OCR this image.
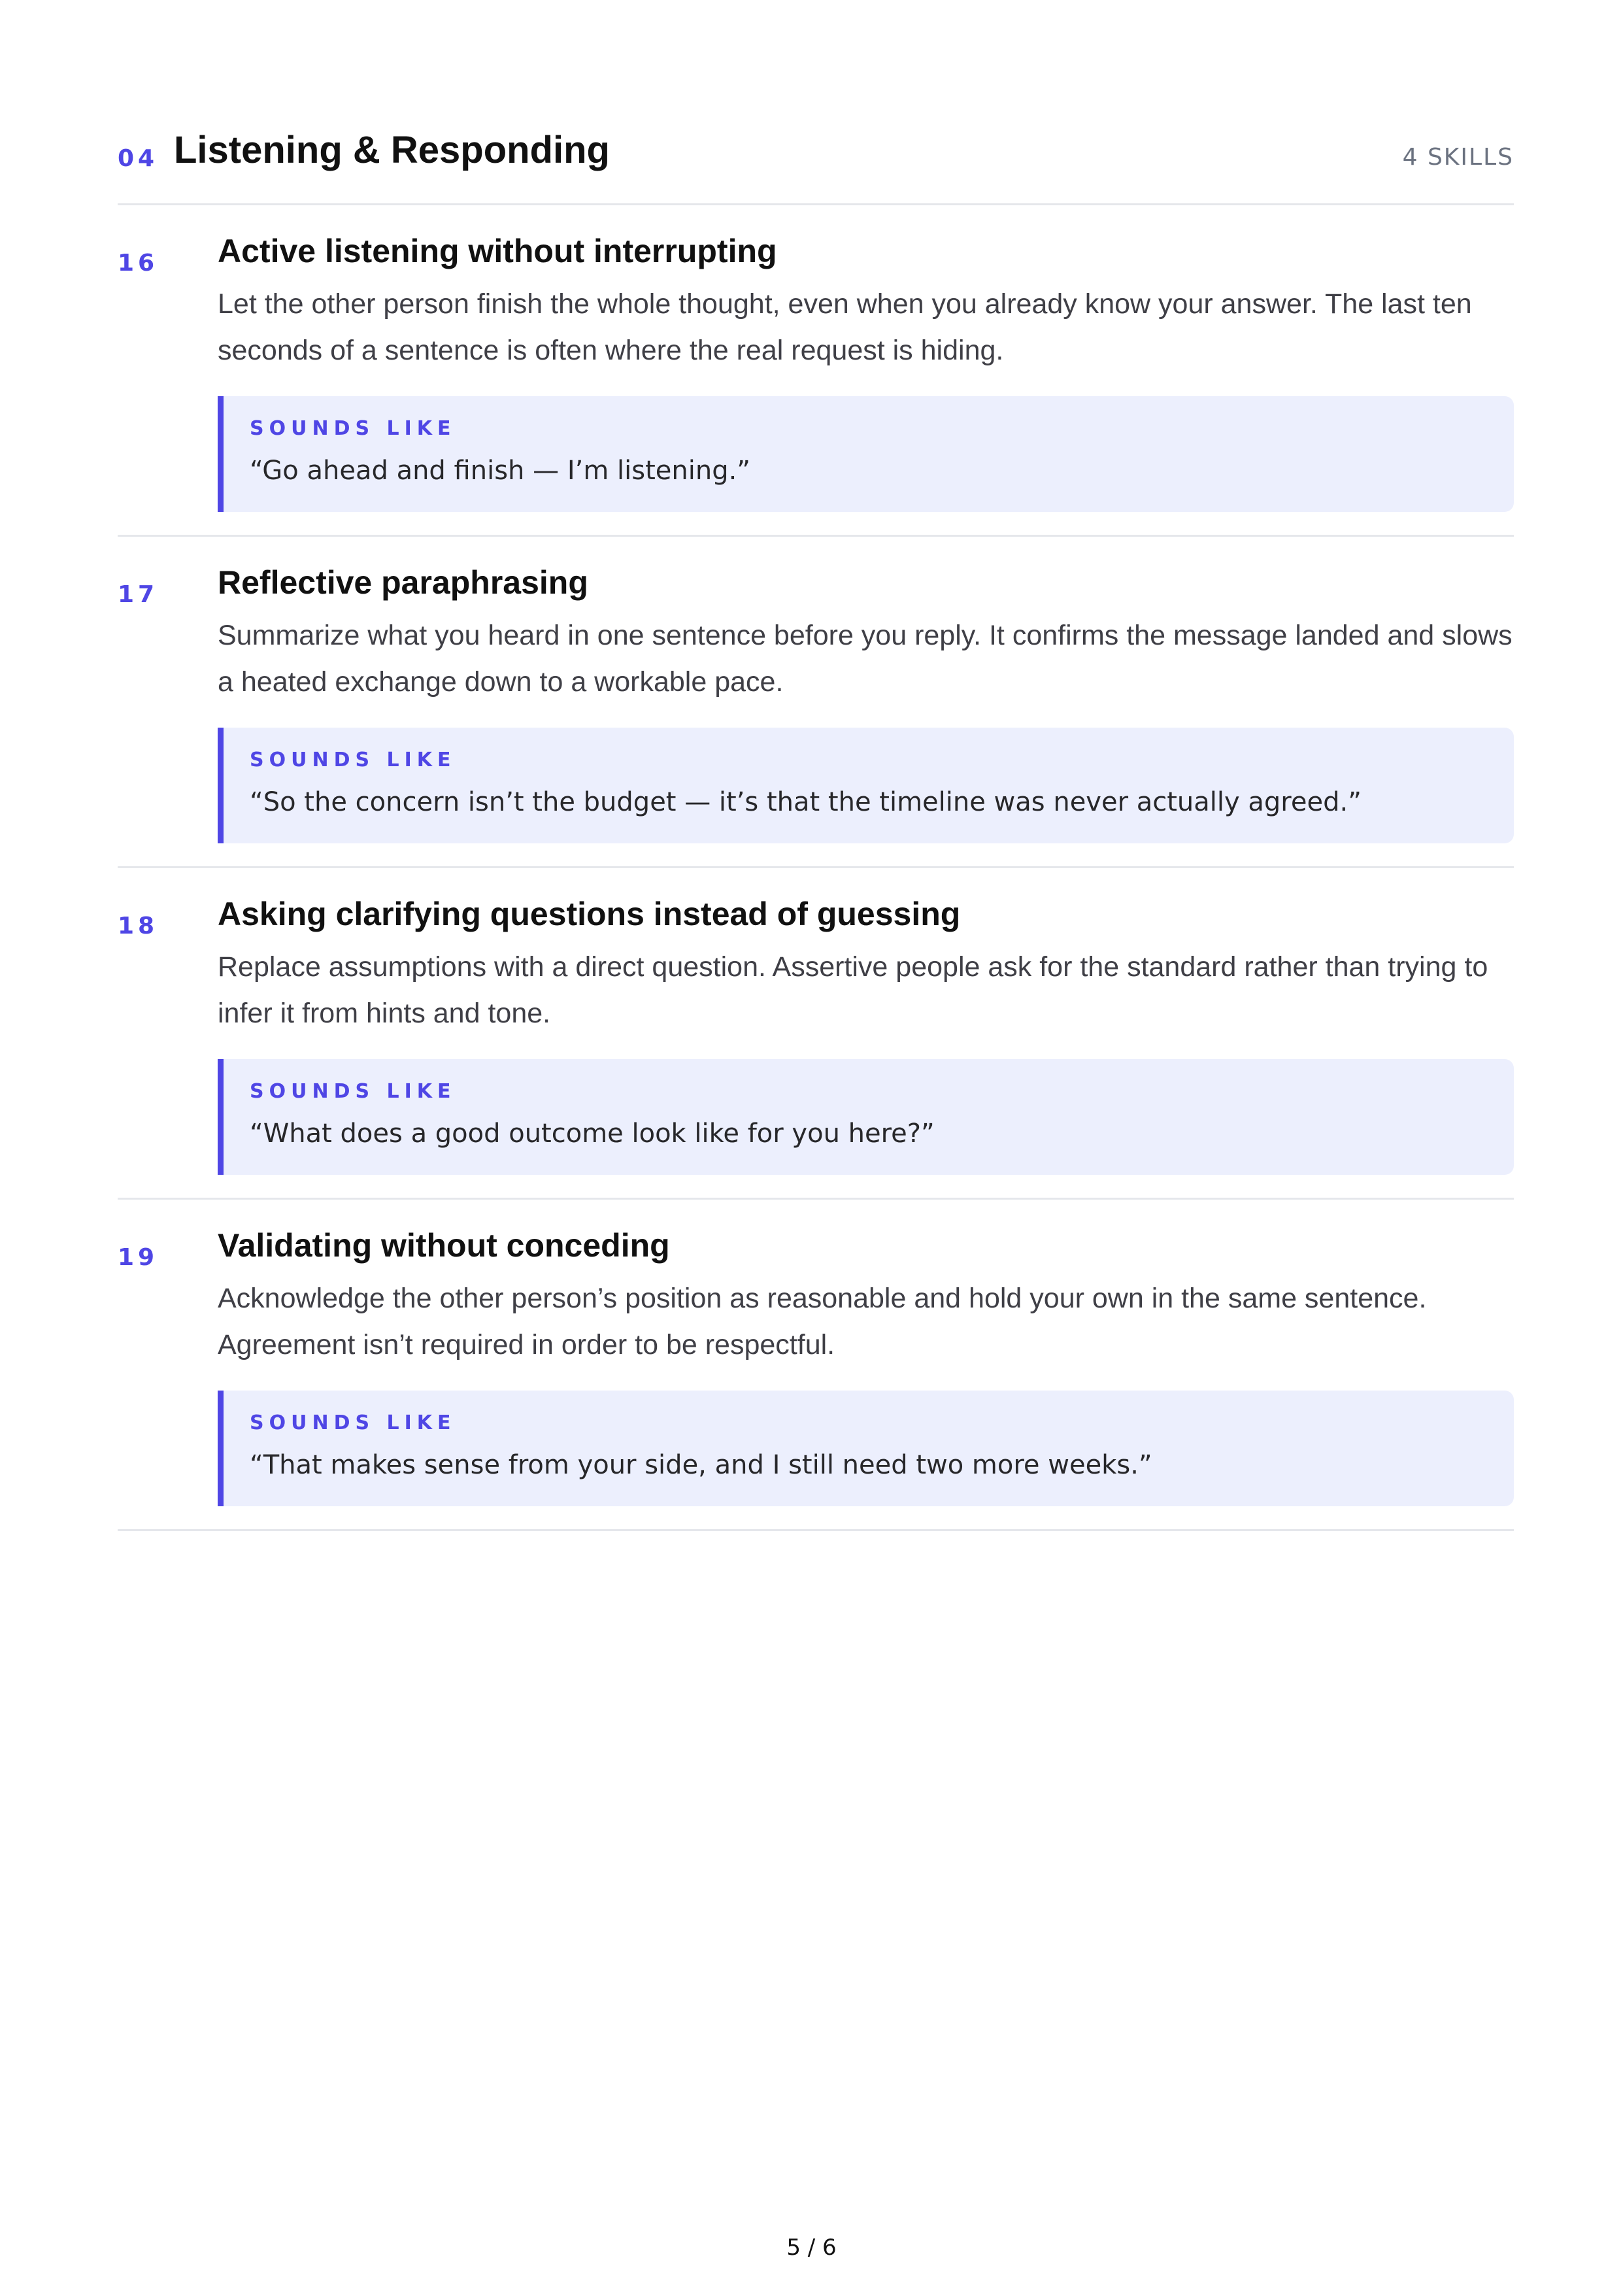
04 Listening & Responding	4 SKILLS
16 Active listening without interrupting

Let the other person finish the whole thought, even when you already know your answer. The last ten seconds of a sentence is often where the real request is hiding.

SOUNDS LIKE
“Go ahead and finish — I’m listening.”
17 Reflective paraphrasing

Summarize what you heard in one sentence before you reply. It confirms the message landed and slows a heated exchange down to a workable pace.

SOUNDS LIKE
“So the concern isn’t the budget — it’s that the timeline was never actually agreed.”
18 Asking clarifying questions instead of guessing

Replace assumptions with a direct question. Assertive people ask for the standard rather than trying to infer it from hints and tone.

SOUNDS LIKE
“What does a good outcome look like for you here?”
19 Validating without conceding

Acknowledge the other person’s position as reasonable and hold your own in the same sentence. Agreement isn’t required in order to be respectful.

SOUNDS LIKE
“That makes sense from your side, and I still need two more weeks.”
5 / 6
